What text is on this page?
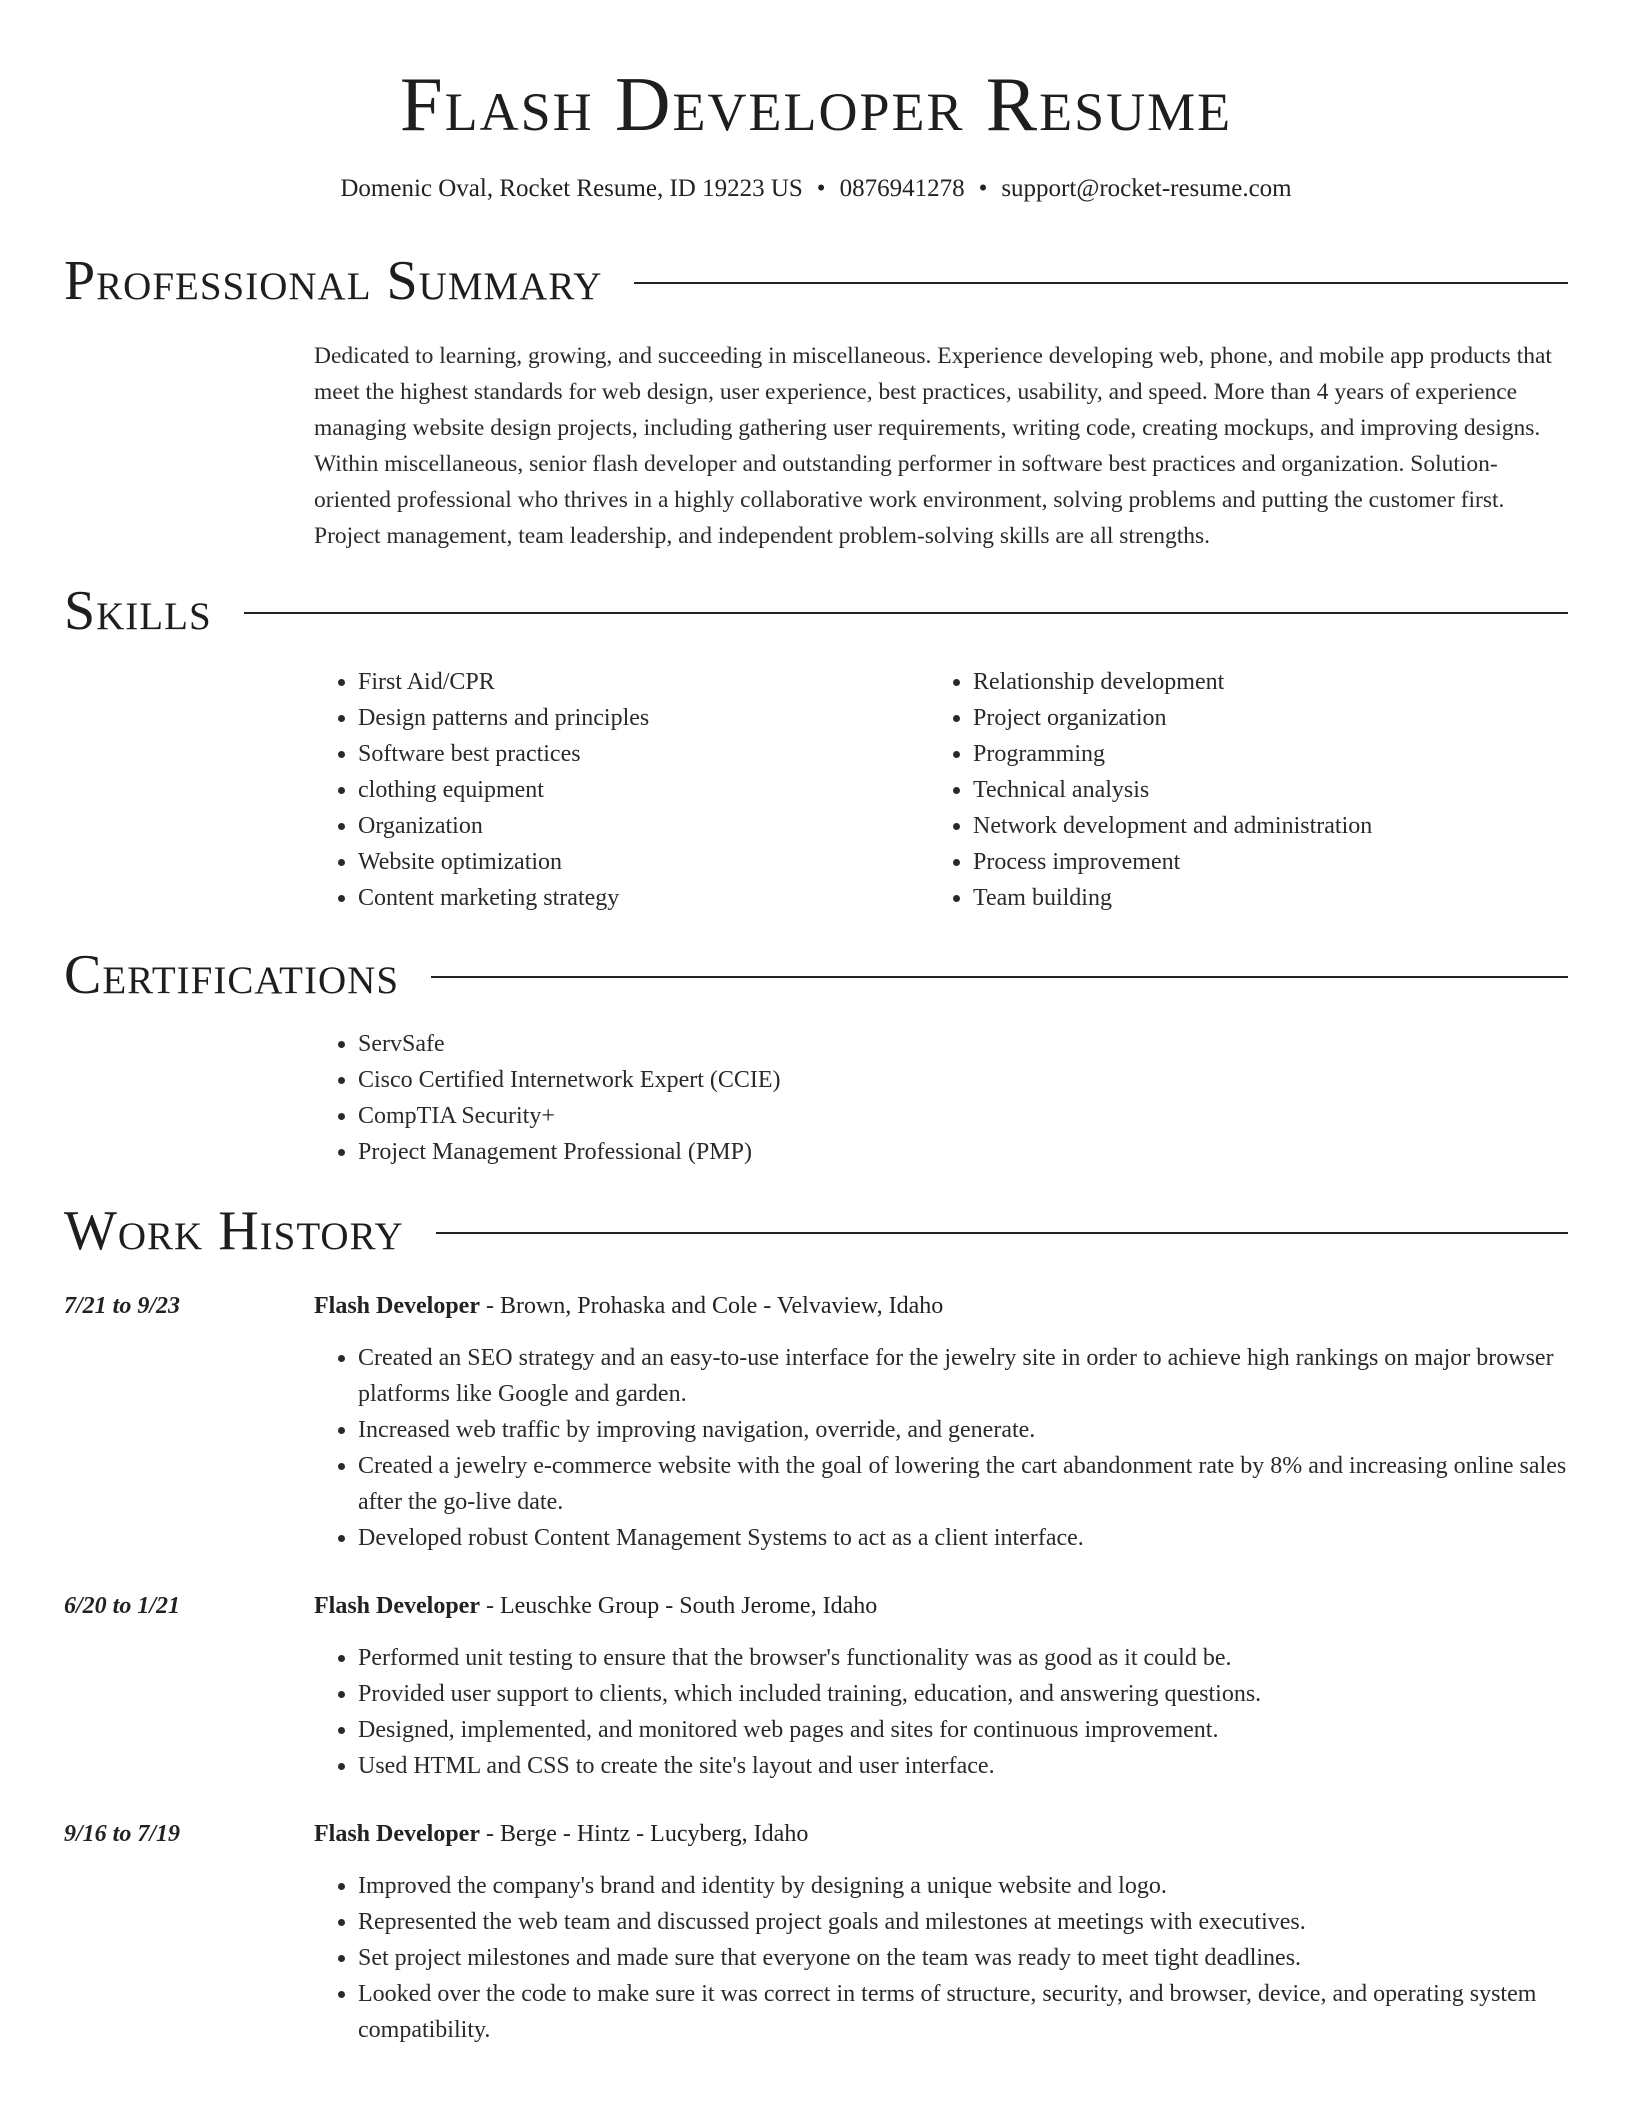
Flash Developer Resume
Domenic Oval, Rocket Resume, ID 19223 US • 0876941278 • support@rocket-resume.com
Professional Summary

Dedicated to learning, growing, and succeeding in miscellaneous. Experience developing web, phone, and mobile app products that meet the highest standards for web design, user experience, best practices, usability, and speed. More than 4 years of experience managing website design projects, including gathering user requirements, writing code, creating mockups, and improving designs. Within miscellaneous, senior flash developer and outstanding performer in software best practices and organization. Solution-oriented professional who thrives in a highly collaborative work environment, solving problems and putting the customer first. Project management, team leadership, and independent problem-solving skills are all strengths.

Skills
• First Aid/CPR
• Design patterns and principles
• Software best practices
• clothing equipment
• Organization
• Website optimization
• Content marketing strategy
• Relationship development
• Project organization
• Programming
• Technical analysis
• Network development and administration
• Process improvement
• Team building
Certifications
• ServSafe
• Cisco Certified Internetwork Expert (CCIE)
• CompTIA Security+
• Project Management Professional (PMP)
Work History
7/21 to 9/23	Flash Developer - Brown, Prohaska and Cole - Velvaview, Idaho
• Created an SEO strategy and an easy-to-use interface for the jewelry site in order to achieve high rankings on major browser platforms like Google and garden.
• Increased web traffic by improving navigation, override, and generate.
• Created a jewelry e-commerce website with the goal of lowering the cart abandonment rate by 8% and increasing online sales after the go-live date.
• Developed robust Content Management Systems to act as a client interface.
6/20 to 1/21	Flash Developer - Leuschke Group - South Jerome, Idaho
• Performed unit testing to ensure that the browser's functionality was as good as it could be.
• Provided user support to clients, which included training, education, and answering questions.
• Designed, implemented, and monitored web pages and sites for continuous improvement.
• Used HTML and CSS to create the site's layout and user interface.
9/16 to 7/19	Flash Developer - Berge - Hintz - Lucyberg, Idaho
• Improved the company's brand and identity by designing a unique website and logo.
• Represented the web team and discussed project goals and milestones at meetings with executives.
• Set project milestones and made sure that everyone on the team was ready to meet tight deadlines.
• Looked over the code to make sure it was correct in terms of structure, security, and browser, device, and operating system compatibility.
